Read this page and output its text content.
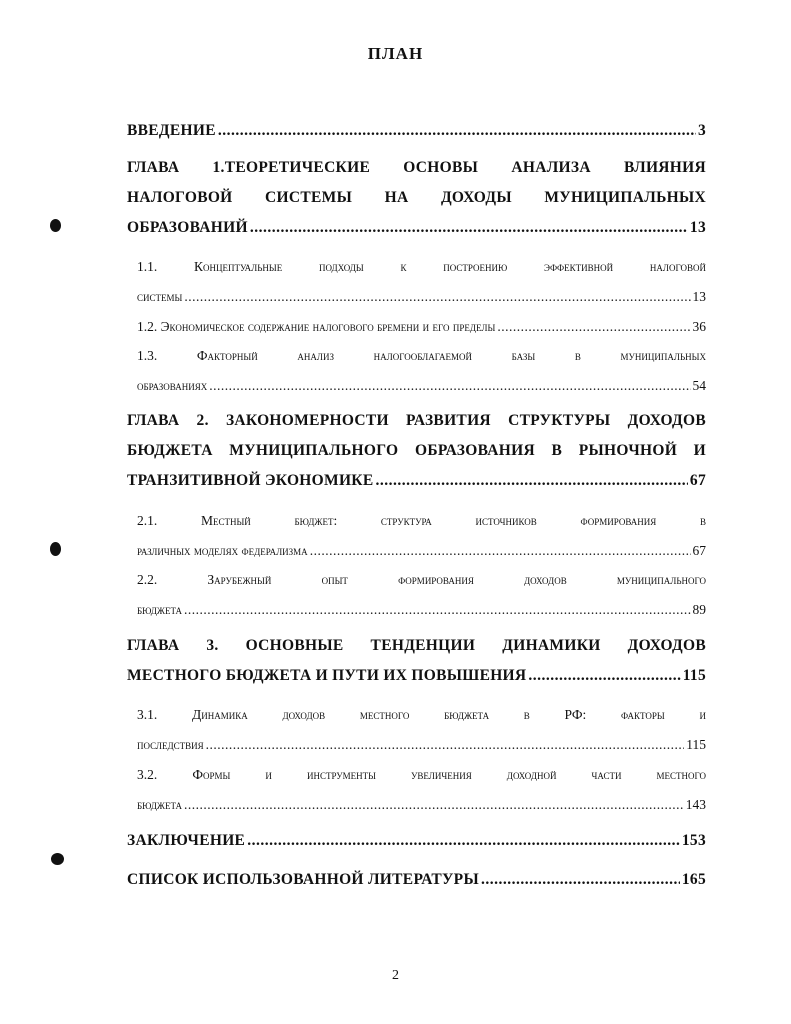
ПЛАН
ВВЕДЕНИЕ .....	3
ГЛАВА 1.ТЕОРЕТИЧЕСКИЕ ОСНОВЫ АНАЛИЗА ВЛИЯНИЯ
НАЛОГОВОЙ СИСТЕМЫ НА ДОХОДЫ МУНИЦИПАЛЬНЫХ
ОБРАЗОВАНИЙ .....	13
1.1. Концептуальные подходы к построению эффективной налоговой
системы .....	13
1.2. Экономическое содержание налогового бремени и его пределы .....	36
1.3. Факторный анализ налогооблагаемой базы в муниципальных
образованиях .....	54
ГЛАВА 2. ЗАКОНОМЕРНОСТИ РАЗВИТИЯ СТРУКТУРЫ ДОХОДОВ
БЮДЖЕТА МУНИЦИПАЛЬНОГО ОБРАЗОВАНИЯ В РЫНОЧНОЙ И
ТРАНЗИТИВНОЙ ЭКОНОМИКЕ .....	67
2.1. Местный бюджет: структура источников формирования в
различных моделях федерализма .....	67
2.2. Зарубежный опыт формирования доходов муниципального
бюджета .....	89
ГЛАВА 3. ОСНОВНЫЕ ТЕНДЕНЦИИ ДИНАМИКИ ДОХОДОВ
МЕСТНОГО БЮДЖЕТА И ПУТИ ИХ ПОВЫШЕНИЯ .....	115
3.1. Динамика доходов местного бюджета в РФ: факторы и
последствия .....	115
3.2. Формы и инструменты увеличения доходной части местного
бюджета .....	143
ЗАКЛЮЧЕНИЕ .....	153
СПИСОК ИСПОЛЬЗОВАННОЙ ЛИТЕРАТУРЫ .....	165
2
